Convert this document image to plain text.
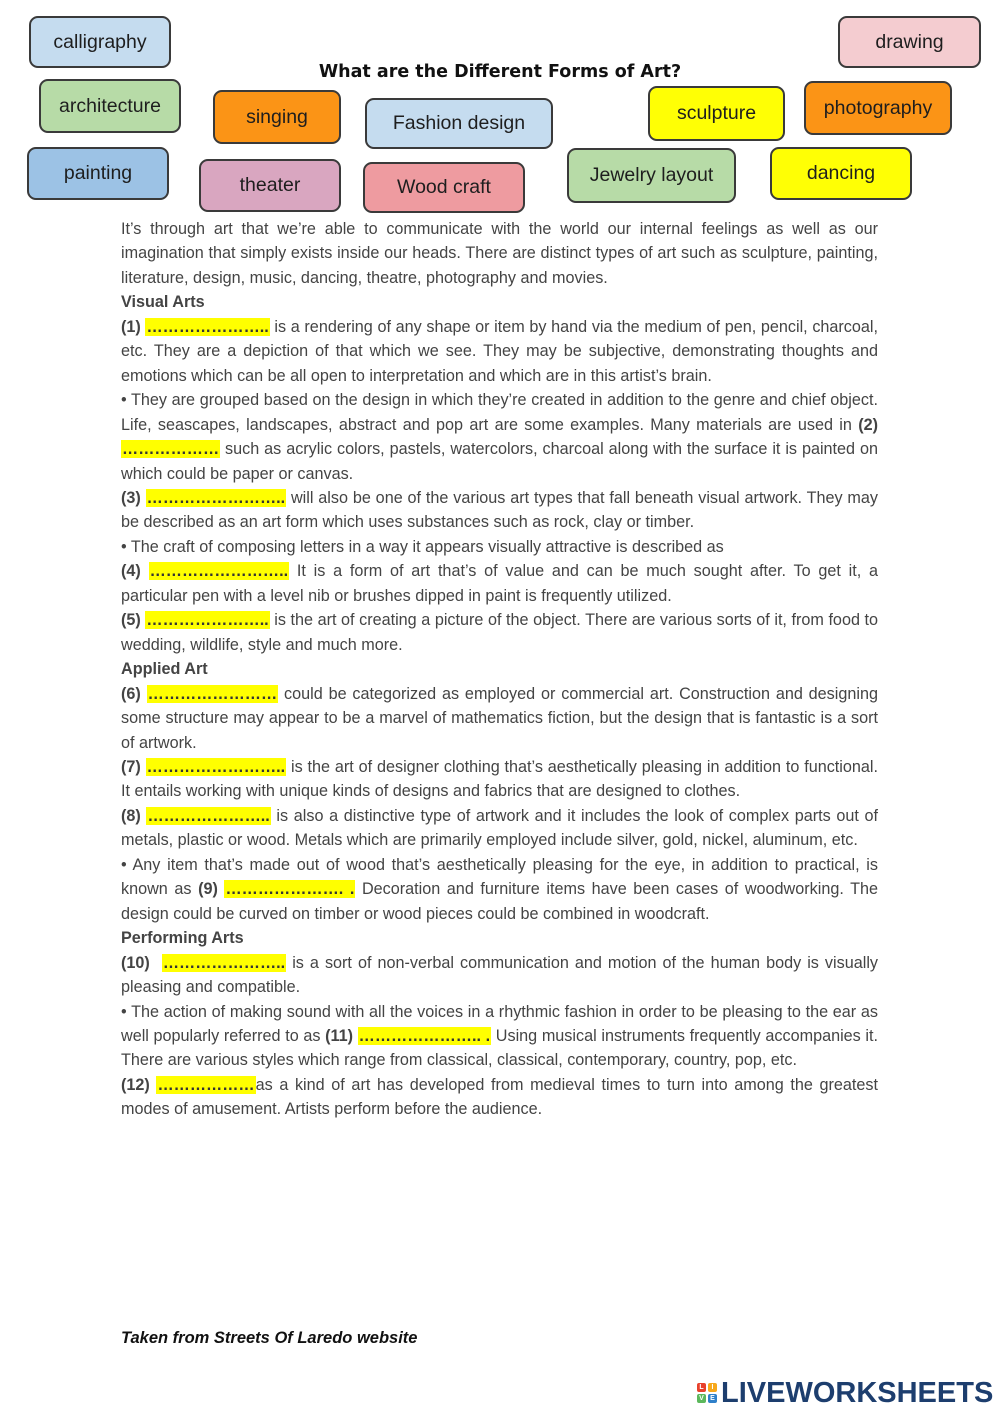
calligraphy	drawing
architecture	singing	Fashion design	sculpture	photography
painting
theater	Wood craft
Jewelry layout	dancing
What are the Different Forms of Art?

It’s through art that we’re able to communicate with the world our internal feelings as well as our imagination that simply exists inside our heads. There are distinct types of art such as sculpture, painting, literature, design, music, dancing, theatre, photography and movies.

Visual Arts

(1) ………………….. is a rendering of any shape or item by hand via the medium of pen, pencil, charcoal, etc. They are a depiction of that which we see. They may be subjective, demonstrating thoughts and emotions which can be all open to interpretation and which are in this artist’s brain.

• They are grouped based on the design in which they’re created in addition to the genre and chief object. Life, seascapes, landscapes, abstract and pop art are some examples. Many materials are used in (2) ……………… such as acrylic colors, pastels, watercolors, charcoal along with the surface it is painted on which could be paper or canvas.

(3) …………………….. will also be one of the various art types that fall beneath visual artwork. They may be described as an art form which uses substances such as rock, clay or timber.

• The craft of composing letters in a way it appears visually attractive is described as

(4) …………………….. It is a form of art that’s of value and can be much sought after. To get it, a particular pen with a level nib or brushes dipped in paint is frequently utilized.

(5) ………………….. is the art of creating a picture of the object. There are various sorts of it, from food to wedding, wildlife, style and much more.

Applied Art

(6) …………………… could be categorized as employed or commercial art. Construction and designing some structure may appear to be a marvel of mathematics fiction, but the design that is fantastic is a sort of artwork.

(7) …………………….. is the art of designer clothing that’s aesthetically pleasing in addition to functional. It entails working with unique kinds of designs and fabrics that are designed to clothes.

(8) ………………….. is also a distinctive type of artwork and it includes the look of complex parts out of metals, plastic or wood. Metals which are primarily employed include silver, gold, nickel, aluminum, etc.

• Any item that’s made out of wood that’s aesthetically pleasing for the eye, in addition to practical, is known as (9) …………………. . Decoration and furniture items have been cases of woodworking. The design could be curved on timber or wood pieces could be combined in woodcraft.

Performing Arts

(10) ………………….. is a sort of non-verbal communication and motion of the human body is visually pleasing and compatible.

• The action of making sound with all the voices in a rhythmic fashion in order to be pleasing to the ear as well popularly referred to as (11) ………………….. . Using musical instruments frequently accompanies it. There are various styles which range from classical, classical, contemporary, country, pop, etc.

(12) ………………as a kind of art has developed from medieval times to turn into among the greatest modes of amusement. Artists perform before the audience.

Taken from Streets Of Laredo website
L	I
V E LIVEWORKSHEETS
